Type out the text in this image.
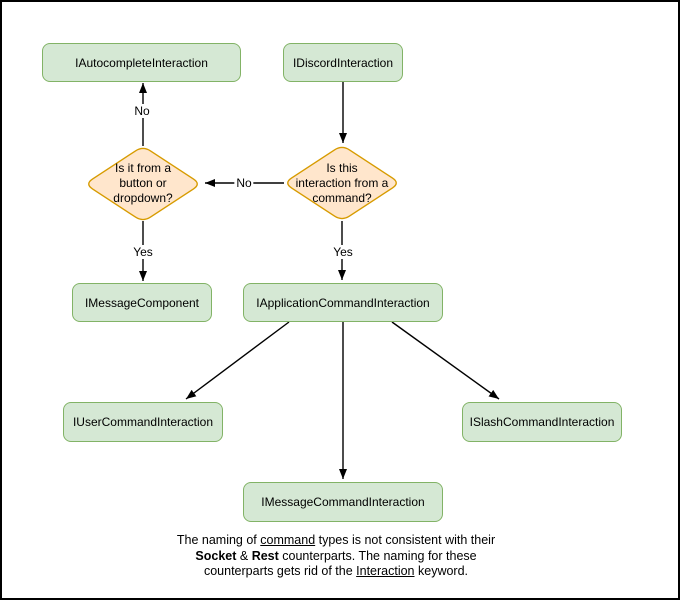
IAutocompleteInteraction	IDiscordInteraction
IMessageComponent	IApplicationCommandInteraction
IUserCommandInteraction
IMessageCommandInteraction
ISlashCommandInteraction
Is it from a
button or
dropdown?
Is this
interaction from a
command?
No
No
Yes	Yes
The naming of command types is not consistent with their
Socket & Rest counterparts. The naming for these
counterparts gets rid of the Interaction keyword.
